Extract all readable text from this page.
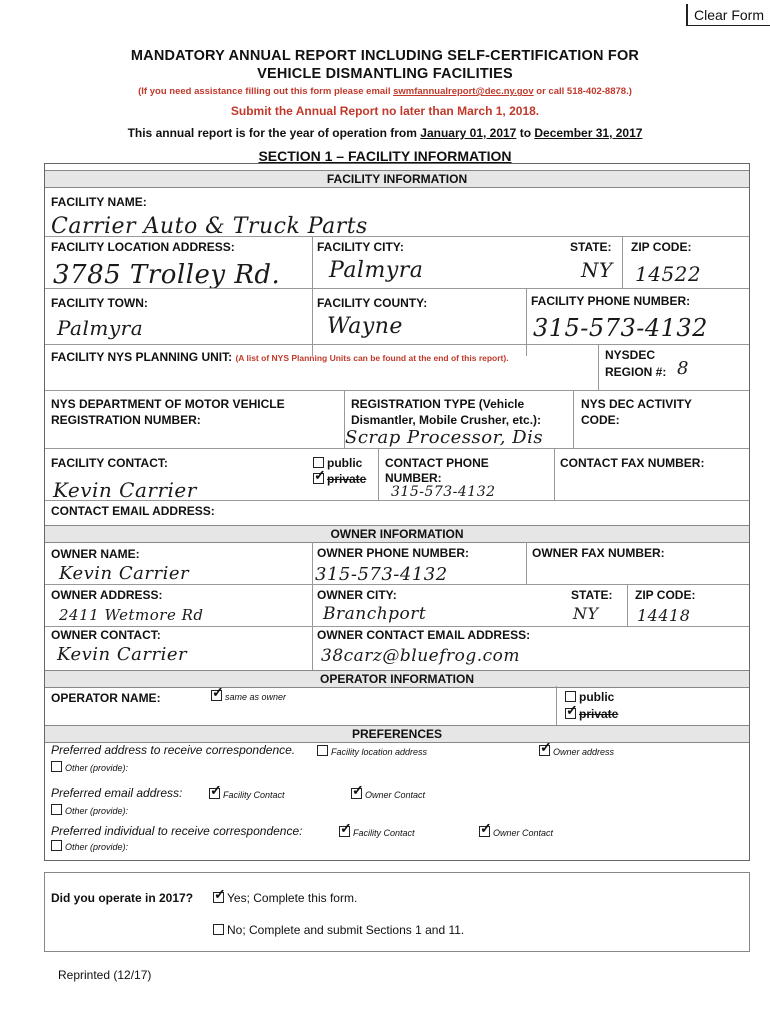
Clear Form
MANDATORY ANNUAL REPORT INCLUDING SELF-CERTIFICATION FOR
VEHICLE DISMANTLING FACILITIES
(If you need assistance filling out this form please email swmfannualreport@dec.ny.gov or call 518-402-8878.)
Submit the Annual Report no later than March 1, 2018.
This annual report is for the year of operation from January 01, 2017 to December 31, 2017
SECTION 1 – FACILITY INFORMATION
FACILITY INFORMATION
FACILITY NAME:
Carrier Auto & Truck Parts
FACILITY LOCATION ADDRESS:
3785 Trolley Rd.
FACILITY CITY:
Palmyra
STATE:
NY
ZIP CODE:
14522
FACILITY TOWN:
Palmyra
FACILITY COUNTY:
Wayne
FACILITY PHONE NUMBER:
315-573-4132
FACILITY NYS PLANNING UNIT: (A list of NYS Planning Units can be found at the end of this report).	NYSDEC
REGION #: 8
NYS DEPARTMENT OF MOTOR VEHICLE
REGISTRATION NUMBER:
REGISTRATION TYPE (Vehicle
Dismantler, Mobile Crusher, etc.):
Scrap Processor, Dis
NYS DEC ACTIVITY
CODE:
FACILITY CONTACT:
Kevin Carrier
public
✓private
CONTACT PHONE
NUMBER:
315-573-4132
CONTACT FAX NUMBER:
CONTACT EMAIL ADDRESS:
OWNER INFORMATION
OWNER NAME:
Kevin Carrier
OWNER PHONE NUMBER:
315-573-4132
OWNER FAX NUMBER:
OWNER ADDRESS:
2411 Wetmore Rd
OWNER CITY:
Branchport
STATE:
NY
ZIP CODE:
14418
OWNER CONTACT:
Kevin Carrier
OWNER CONTACT EMAIL ADDRESS:
38carz@bluefrog.com
OPERATOR INFORMATION
OPERATOR NAME: ✓	same as owner	public
✓private
PREFERENCES
Preferred address to receive correspondence.	Facility location address ✓	Owner address
Other (provide):
Preferred email address: ✓	Facility Contact ✓	Owner Contact
Other (provide):
Preferred individual to receive correspondence: ✓	Facility Contact ✓	Owner Contact
Other (provide):
Did you operate in 2017? ✓	Yes; Complete this form.
No; Complete and submit Sections 1 and 11.
Reprinted (12/17)
